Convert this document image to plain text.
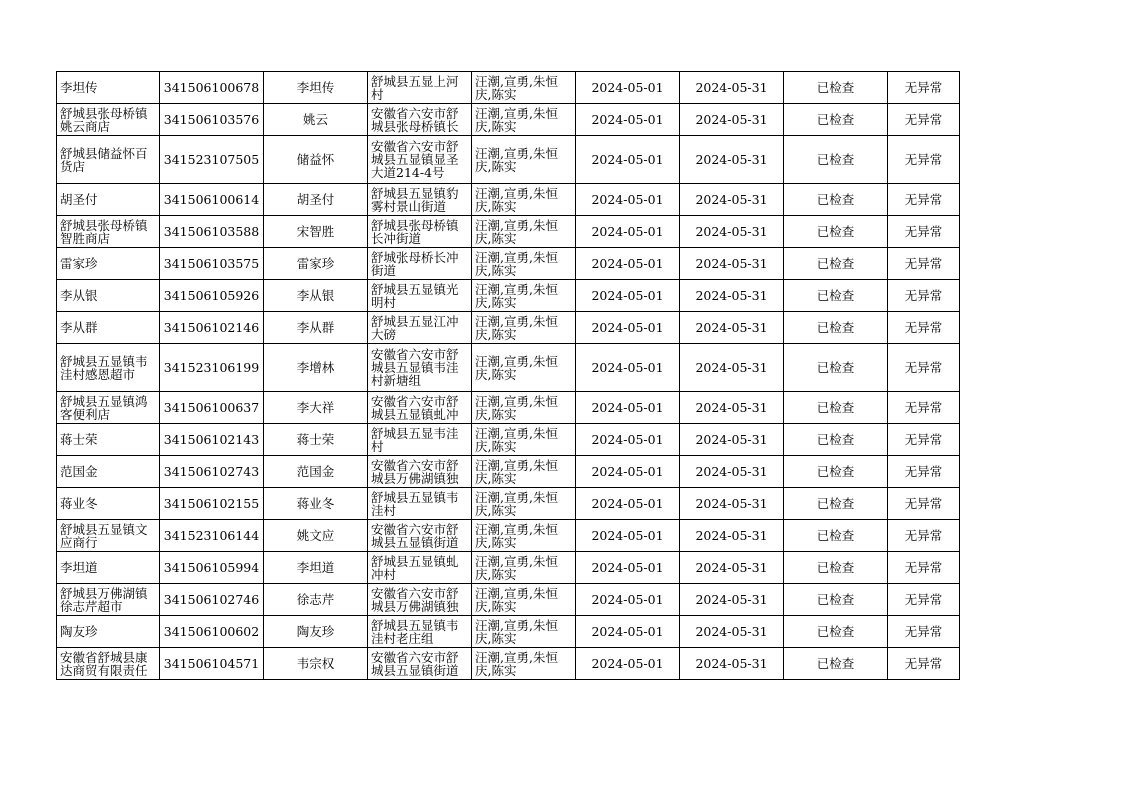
李坦传	341506100678	李坦传	舒城县五显上河村	汪潮,宣勇,朱恒庆,陈实	2024-05-01	2024-05-31	已检查	无异常

舒城县张母桥镇姚云商店	341506103576	姚云	安徽省六安市舒城县张母桥镇长	汪潮,宣勇,朱恒庆,陈实	2024-05-01	2024-05-31	已检查	无异常

舒城县储益怀百货店	341523107505	储益怀	安徽省六安市舒城县五显镇显圣大道214-4号	汪潮,宣勇,朱恒庆,陈实	2024-05-01	2024-05-31	已检查	无异常

胡圣付	341506100614	胡圣付	舒城县五显镇豹雾村景山街道	汪潮,宣勇,朱恒庆,陈实	2024-05-01	2024-05-31	已检查	无异常

舒城县张母桥镇智胜商店	341506103588	宋智胜	舒城县张母桥镇长冲街道	汪潮,宣勇,朱恒庆,陈实	2024-05-01	2024-05-31	已检查	无异常

雷家珍	341506103575	雷家珍	舒城张母桥长冲街道	汪潮,宣勇,朱恒庆,陈实	2024-05-01	2024-05-31	已检查	无异常

李从银	341506105926	李从银	舒城县五显镇光明村	汪潮,宣勇,朱恒庆,陈实	2024-05-01	2024-05-31	已检查	无异常

李从群	341506102146	李从群	舒城县五显江冲大磅	汪潮,宣勇,朱恒庆,陈实	2024-05-01	2024-05-31	已检查	无异常

舒城县五显镇韦洼村感恩超市	341523106199	李增林	安徽省六安市舒城县五显镇韦洼村新塘组	汪潮,宣勇,朱恒庆,陈实	2024-05-01	2024-05-31	已检查	无异常

舒城县五显镇鸿客便利店	341506100637	李大祥	安徽省六安市舒城县五显镇虬冲	汪潮,宣勇,朱恒庆,陈实	2024-05-01	2024-05-31	已检查	无异常

蒋士荣	341506102143	蒋士荣	舒城县五显韦洼村	汪潮,宣勇,朱恒庆,陈实	2024-05-01	2024-05-31	已检查	无异常

范国金	341506102743	范国金	安徽省六安市舒城县万佛湖镇独	汪潮,宣勇,朱恒庆,陈实	2024-05-01	2024-05-31	已检查	无异常

蒋业冬	341506102155	蒋业冬	舒城县五显镇韦洼村	汪潮,宣勇,朱恒庆,陈实	2024-05-01	2024-05-31	已检查	无异常

舒城县五显镇文应商行	341523106144	姚文应	安徽省六安市舒城县五显镇街道	汪潮,宣勇,朱恒庆,陈实	2024-05-01	2024-05-31	已检查	无异常

李坦道	341506105994	李坦道	舒城县五显镇虬冲村	汪潮,宣勇,朱恒庆,陈实	2024-05-01	2024-05-31	已检查	无异常

舒城县万佛湖镇徐志芹超市	341506102746	徐志芹	安徽省六安市舒城县万佛湖镇独	汪潮,宣勇,朱恒庆,陈实	2024-05-01	2024-05-31	已检查	无异常

陶友珍	341506100602	陶友珍	舒城县五显镇韦洼村老庄组	汪潮,宣勇,朱恒庆,陈实	2024-05-01	2024-05-31	已检查	无异常

安徽省舒城县康达商贸有限责任	341506104571	韦宗权	安徽省六安市舒城县五显镇街道	汪潮,宣勇,朱恒庆,陈实	2024-05-01	2024-05-31	已检查	无异常
